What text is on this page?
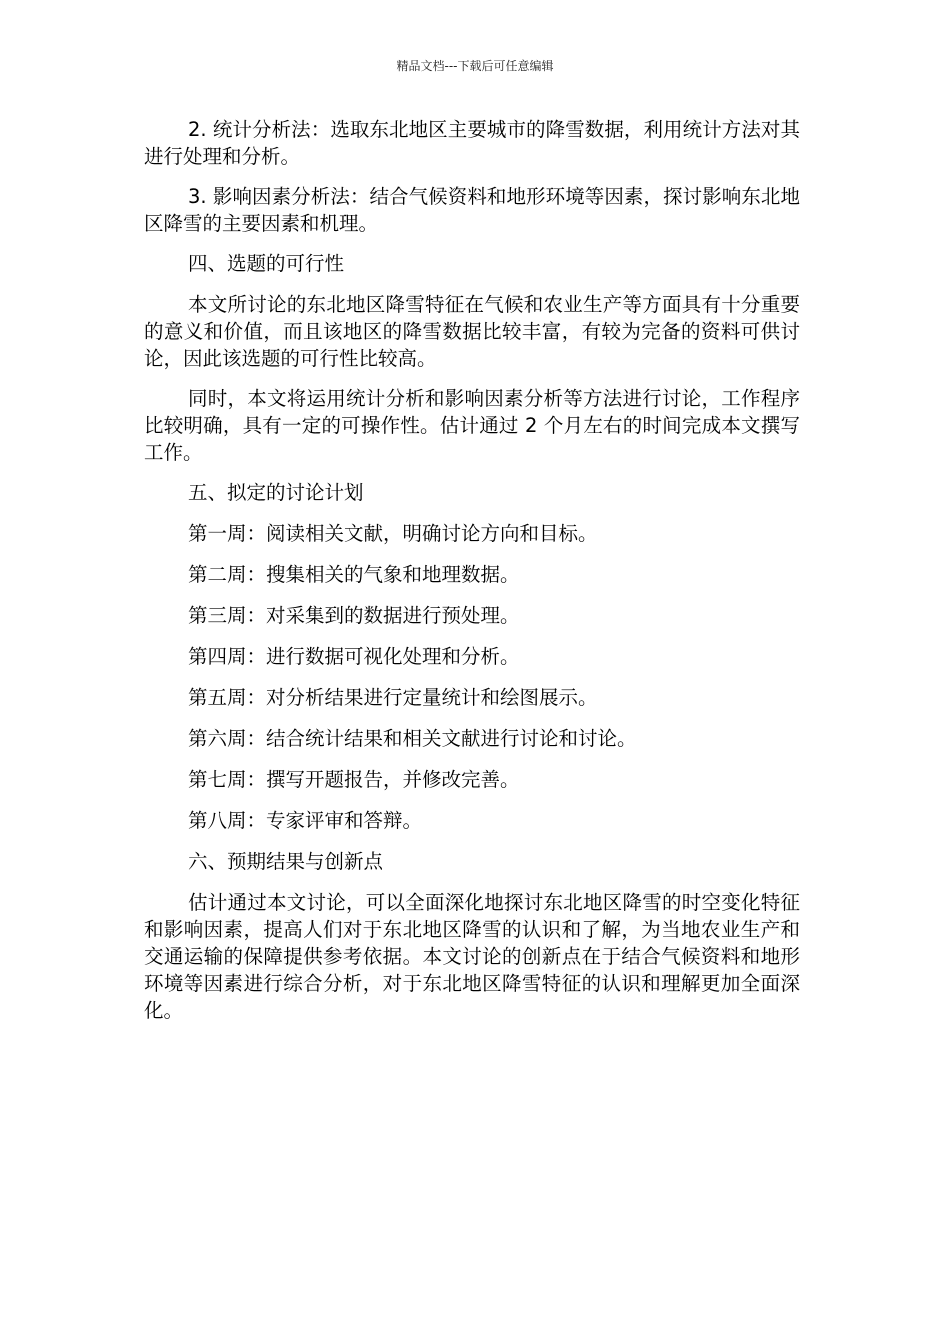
精品文档---下载后可任意编辑

2. 统计分析法：选取东北地区主要城市的降雪数据，利用统计方法对其进行处理和分析。

3. 影响因素分析法：结合气候资料和地形环境等因素，探讨影响东北地区降雪的主要因素和机理。

四、选题的可行性

本文所讨论的东北地区降雪特征在气候和农业生产等方面具有十分重要的意义和价值，而且该地区的降雪数据比较丰富，有较为完备的资料可供讨论，因此该选题的可行性比较高。

同时，本文将运用统计分析和影响因素分析等方法进行讨论，工作程序比较明确，具有一定的可操作性。估计通过 2 个月左右的时间完成本文撰写工作。

五、拟定的讨论计划

第一周：阅读相关文献，明确讨论方向和目标。

第二周：搜集相关的气象和地理数据。

第三周：对采集到的数据进行预处理。

第四周：进行数据可视化处理和分析。

第五周：对分析结果进行定量统计和绘图展示。

第六周：结合统计结果和相关文献进行讨论和讨论。

第七周：撰写开题报告，并修改完善。

第八周：专家评审和答辩。

六、预期结果与创新点

估计通过本文讨论，可以全面深化地探讨东北地区降雪的时空变化特征和影响因素，提高人们对于东北地区降雪的认识和了解，为当地农业生产和交通运输的保障提供参考依据。本文讨论的创新点在于结合气候资料和地形环境等因素进行综合分析，对于东北地区降雪特征的认识和理解更加全面深化。
